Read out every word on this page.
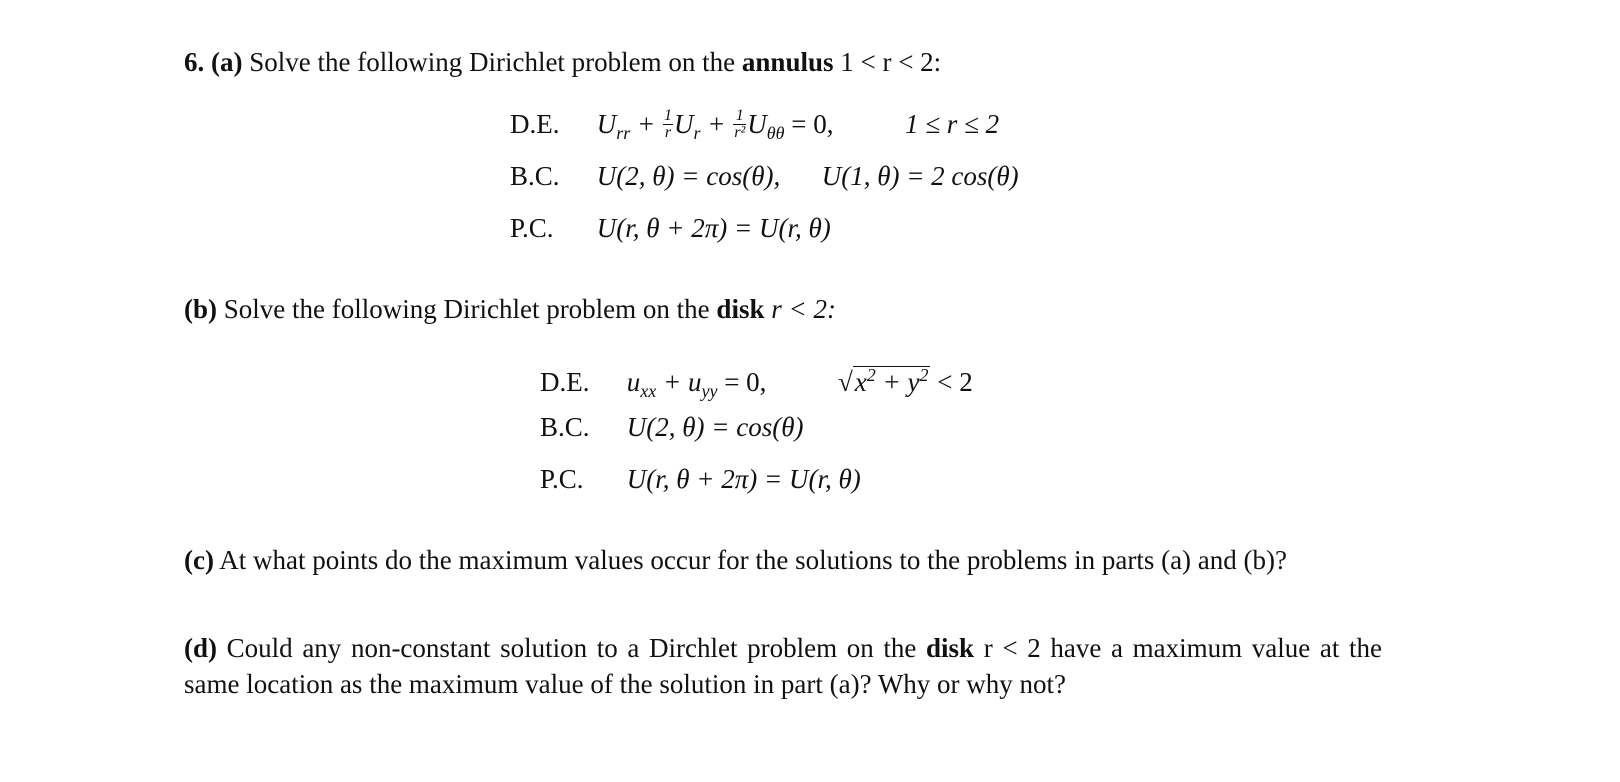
6. (a) Solve the following Dirichlet problem on the annulus 1 < r < 2:
D.E. $U_{rr} + \frac{1}{r} U_r + \frac{1}{\text{r²}} U_{\theta\theta} = 0$,	1 ≤ r ≤ 2
B.C. U(2, θ) = cos(θ), U(1, θ) = 2 cos(θ)
P.C. U(r, θ + 2π) = U(r, θ)
(b) Solve the following Dirichlet problem on the disk r < 2:
D.E. $u_{xx} + u_{yy} = 0$,	$√x^2 + y^2 < 2$
B.C. U(2, θ) = cos(θ)
P.C. U(r, θ + 2π) = U(r, θ)
(c) At what points do the maximum values occur for the solutions to the problems in parts (a) and (b)?
(d) Could any non-constant solution to a Dirchlet problem on the disk r < 2 have a maximum value at the same location as the maximum value of the solution in part (a)? Why or why not?
